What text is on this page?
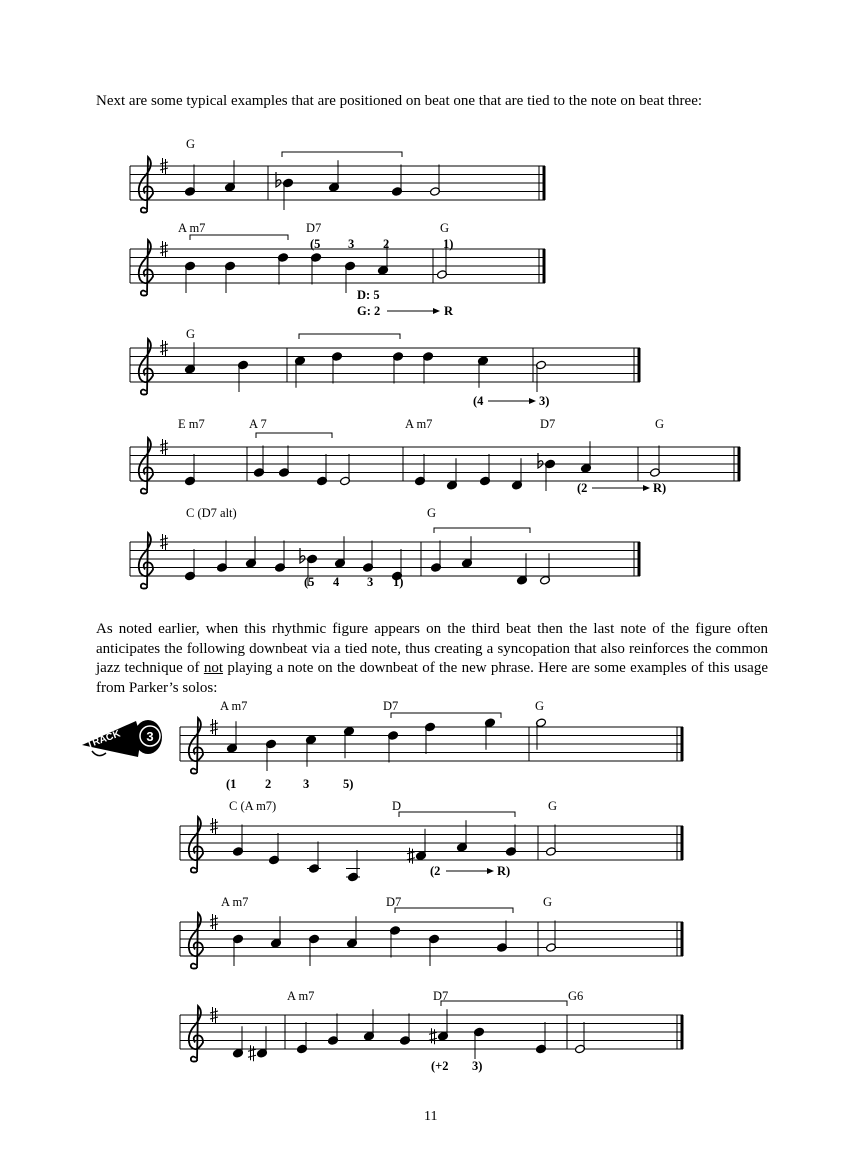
Next are some typical examples that are positioned on beat one that are tied to the note on beat three:
G
A m7	D7	G
(5 3 2	1)
D: 5
G: 2	R
G
(4	3)
E m7	A 7	A m7	D7	G
(2	R)
C (D7 alt)	G
(5 4 3 1)
As noted earlier, when this rhythmic figure appears on the third beat then the last note of the figure often anticipates the following downbeat via a tied note, thus creating a syncopation that also reinforces the common jazz technique of not playing a note on the downbeat of the new phrase. Here are some examples of this usage from Parker’s solos:
3
TRACK
A m7	D7	G
(1 2	3	5)
C (A m7)	D	G
(2	R)
A m7	D7	G
A m7	D7	G6
(+2 3)
11
